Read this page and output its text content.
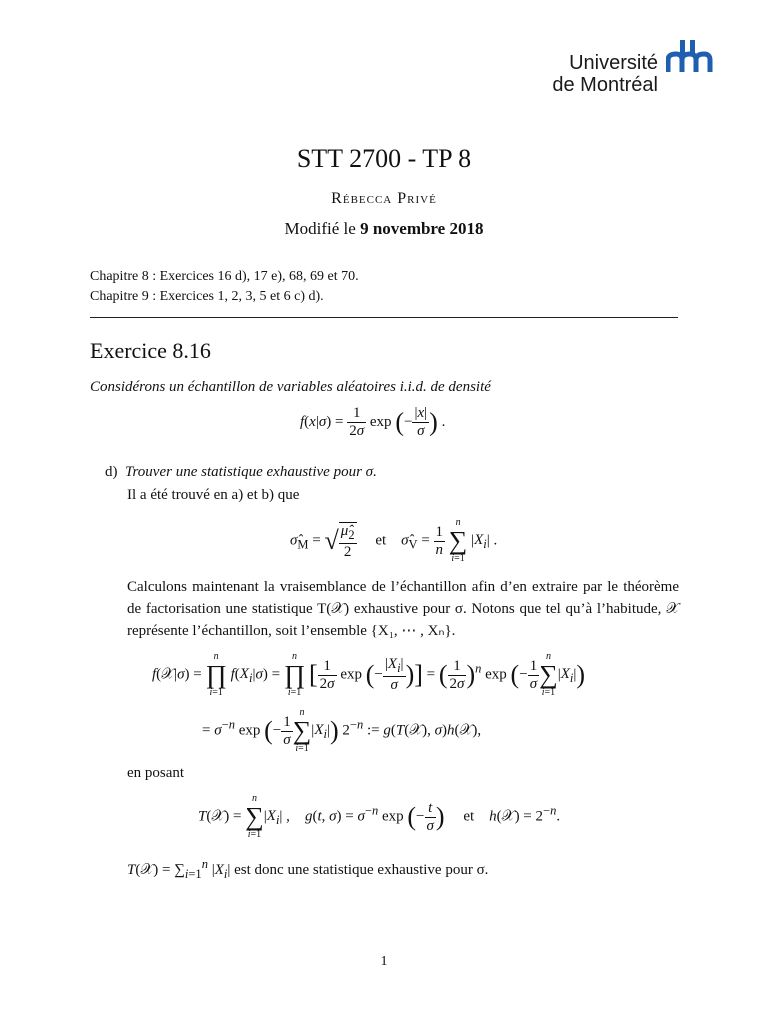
Université
de Montréal
STT 2700 - TP 8
Rébecca Privé
Modifié le 9 novembre 2018
Chapitre 8 : Exercices 16 d), 17 e), 68, 69 et 70.
Chapitre 9 : Exercices 1, 2, 3, 5 et 6 c) d).
Exercice 8.16
Considérons un échantillon de variables aléatoires i.i.d. de densité
$f(x|\sigma) = \frac{1}{2\sigma}$ exp (− $\frac{|x|}{\sigma}$ ) .
d) Trouver une statistique exhaustive pour σ.
Il a été trouvé en a) et b) que
$\sigmâ_M$ = √ $\frac{\mû_2}{2}$ et    $\sigmâ_V = \frac{1}{n}$
n
∑
i=1 $|X_i|$ .
Calculons maintenant la vraisemblance de l’échantillon afin d’en extraire par le théorème de factorisation une statistique T(𝒳) exhaustive pour σ. Notons que tel qu’à l’habitude, 𝒳 représente l’échantillon, soit l’ensemble {X₁, ⋯ , Xₙ}.
f(𝒳|σ) = n
∏
i=1 $f(X_i|\sigma) = n$
∏
i=1 [ $\frac{1}{2\sigma}$ exp (− $\frac{|X_i|}{\sigma}$ )] = ( $\frac{1}{2\sigma} )^n$ exp (− $\frac{1}{\sigma}$
n
∑
$i=1|X_i|$)
= $\sigma^{-n}$ exp (− $\frac{1}{\sigma}$
n
∑
$i=1|X_i|$) $2^{-n}$ := g(T(𝒳), σ)h(𝒳),
en posant
T(𝒳) = n
∑
$i=1|X_i|$ ,    g(t, $\sigma) = \sigma^{-n}$ exp (− $\frac{t}{\sigma}$ )     et    h(𝒳) = $2^{-n}$.
T(𝒳) = $\sum_{i=1}^n$ $|X_i|$ est donc une statistique exhaustive pour σ.
1
